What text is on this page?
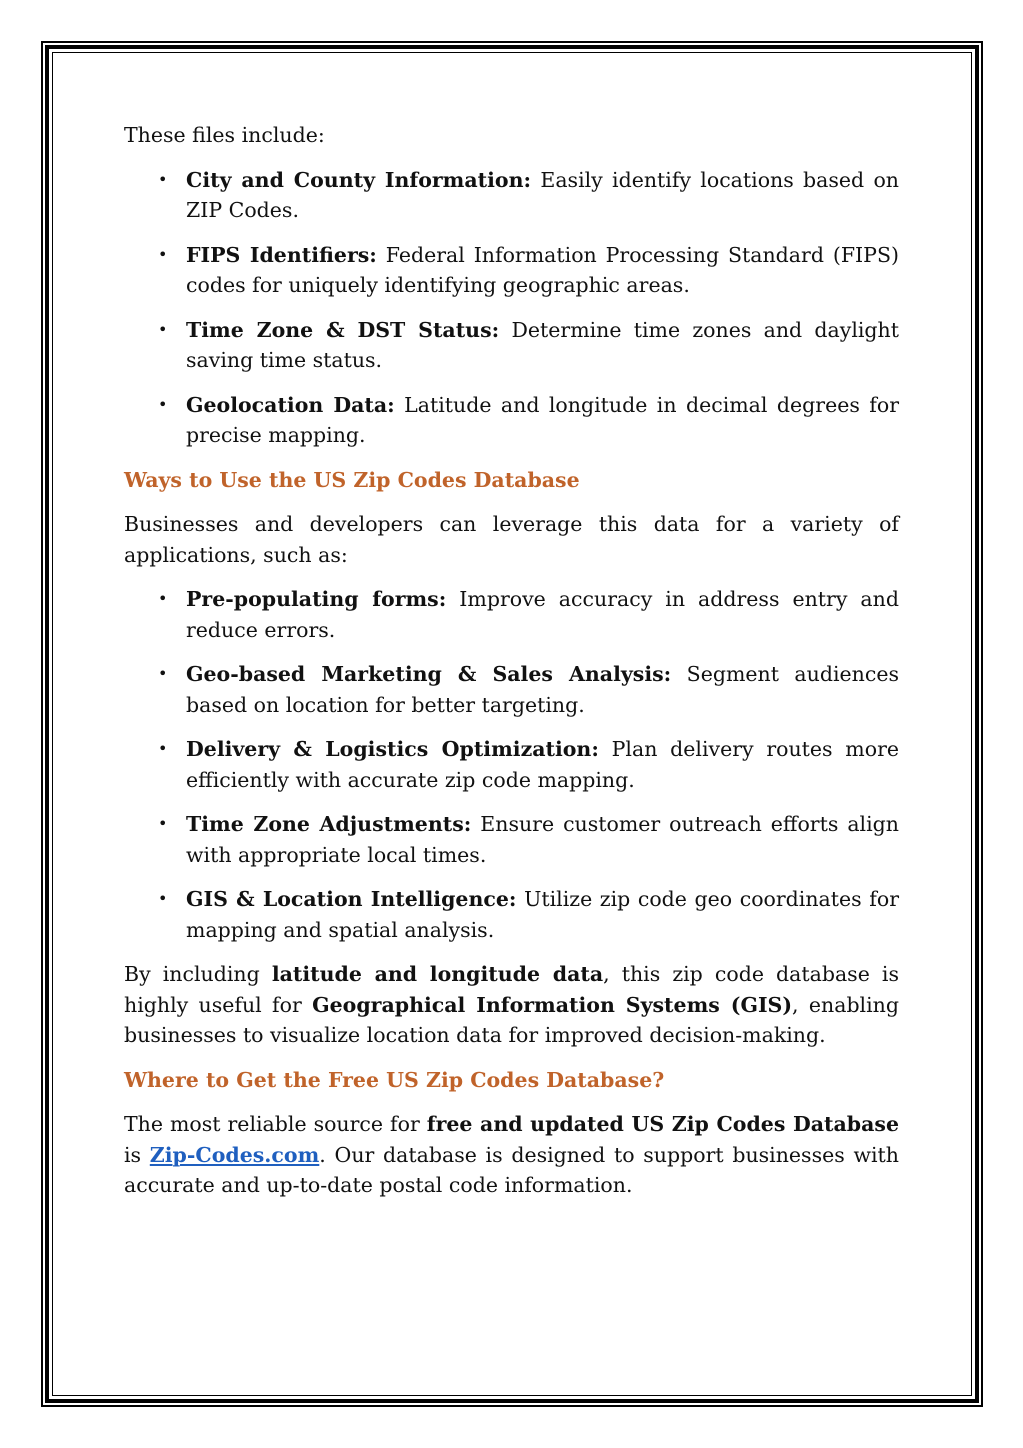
These files include:

• City and County Information: Easily identify locations based on ZIP Codes.
• FIPS Identifiers: Federal Information Processing Standard (FIPS) codes for uniquely identifying geographic areas.
• Time Zone & DST Status: Determine time zones and daylight saving time status.
• Geolocation Data: Latitude and longitude in decimal degrees for precise mapping.
Ways to Use the US Zip Codes Database

Businesses and developers can leverage this data for a variety of applications, such as:

• Pre-populating forms: Improve accuracy in address entry and reduce errors.
• Geo-based Marketing & Sales Analysis: Segment audiences based on location for better targeting.
• Delivery & Logistics Optimization: Plan delivery routes more efficiently with accurate zip code mapping.
• Time Zone Adjustments: Ensure customer outreach efforts align with appropriate local times.
• GIS & Location Intelligence: Utilize zip code geo coordinates for mapping and spatial analysis.

By including latitude and longitude data, this zip code database is highly useful for Geographical Information Systems (GIS), enabling businesses to visualize location data for improved decision-making.

Where to Get the Free US Zip Codes Database?

The most reliable source for free and updated US Zip Codes Database is Zip-Codes.com. Our database is designed to support businesses with accurate and up-to-date postal code information.
